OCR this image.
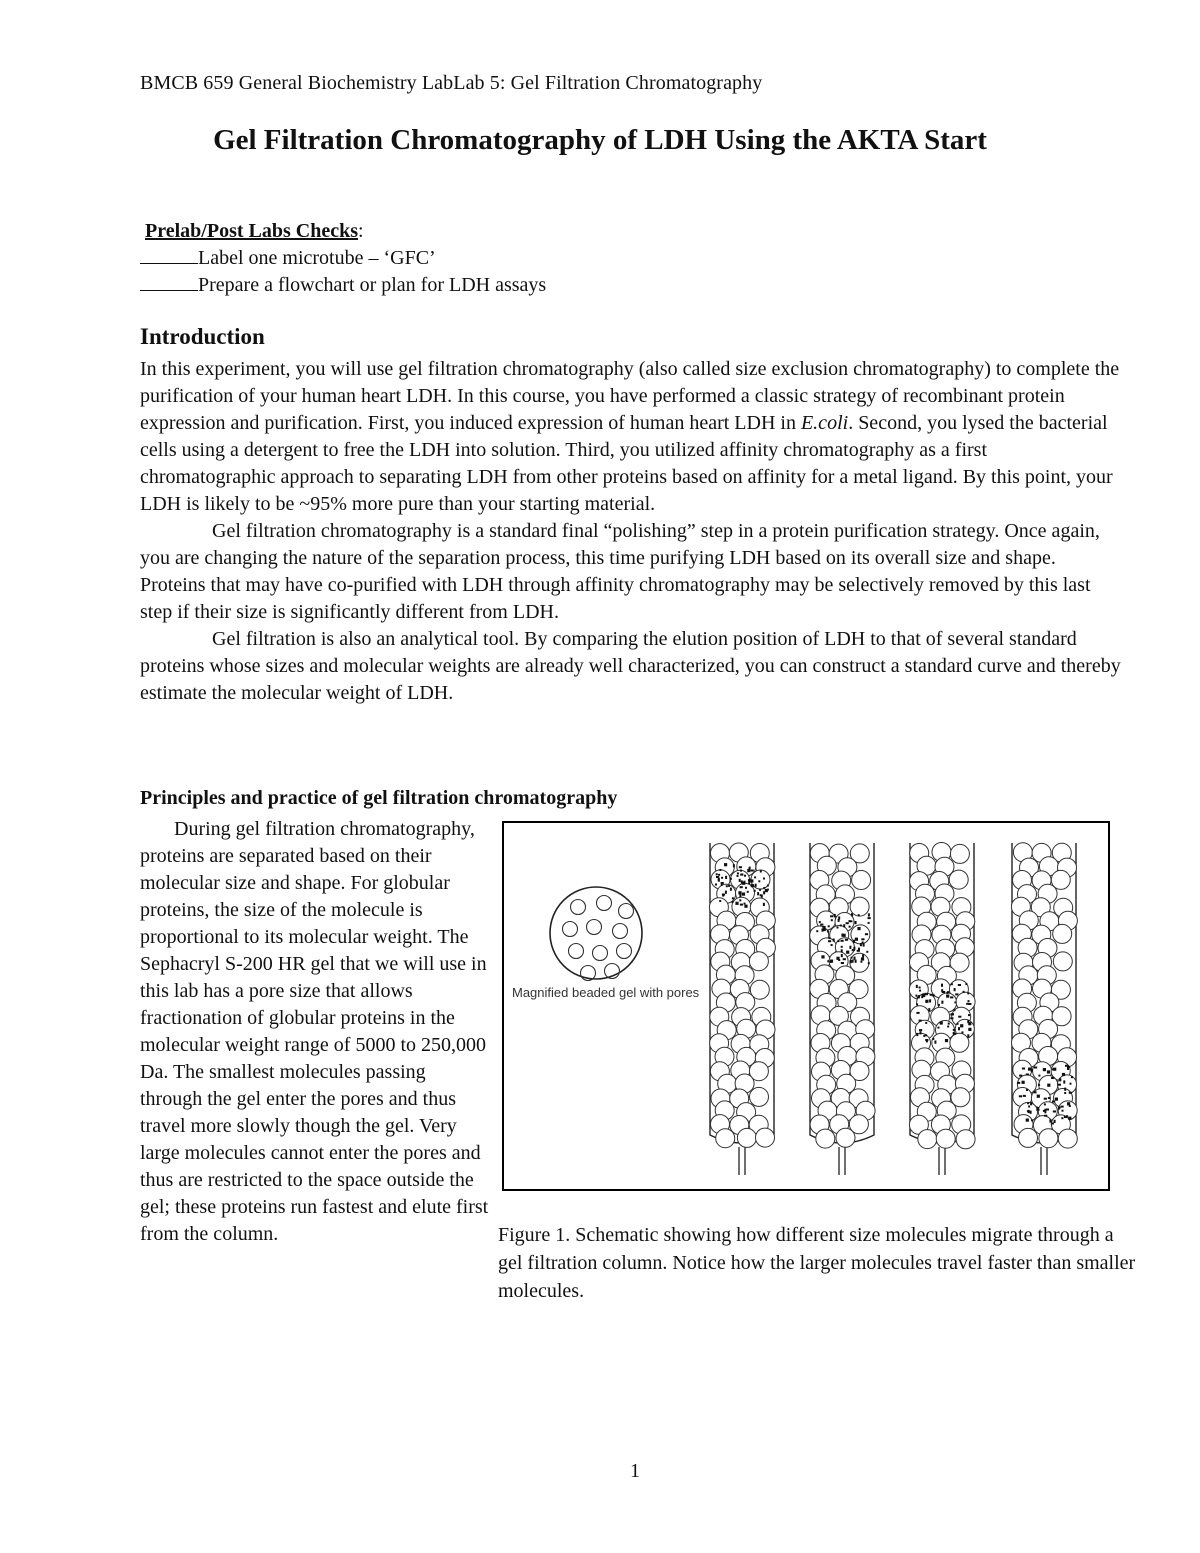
BMCB 659 General Biochemistry LabLab 5: Gel Filtration Chromatography
Gel Filtration Chromatography of LDH Using the AKTA Start
Prelab/Post Labs Checks:
Label one microtube – ‘GFC’
Prepare a flowchart or plan for LDH assays
Introduction

In this experiment, you will use gel filtration chromatography (also called size exclusion chromatography) to complete the purification of your human heart LDH. In this course, you have performed a classic strategy of recombinant protein expression and purification. First, you induced expression of human heart LDH in E.coli. Second, you lysed the bacterial cells using a detergent to free the LDH into solution. Third, you utilized affinity chromatography as a first chromatographic approach to separating LDH from other proteins based on affinity for a metal ligand. By this point, your LDH is likely to be ~95% more pure than your starting material.

Gel filtration chromatography is a standard final “polishing” step in a protein purification strategy. Once again, you are changing the nature of the separation process, this time purifying LDH based on its overall size and shape. Proteins that may have co-purified with LDH through affinity chromatography may be selectively removed by this last step if their size is significantly different from LDH.

Gel filtration is also an analytical tool. By comparing the elution position of LDH to that of several standard proteins whose sizes and molecular weights are already well characterized, you can construct a standard curve and thereby estimate the molecular weight of LDH.

Principles and practice of gel filtration chromatography

During gel filtration chromatography, proteins are separated based on their molecular size and shape. For globular proteins, the size of the molecule is proportional to its molecular weight. The Sephacryl S-200 HR gel that we will use in this lab has a pore size that allows fractionation of globular proteins in the molecular weight range of 5000 to 250,000 Da. The smallest molecules passing through the gel enter the pores and thus travel more slowly though the gel. Very large molecules cannot enter the pores and thus are restricted to the space outside the gel; these proteins run fastest and elute first from the column.

Magnified beaded gel with pores
Figure 1. Schematic showing how different size molecules migrate through a gel filtration column. Notice how the larger molecules travel faster than smaller molecules.
1
